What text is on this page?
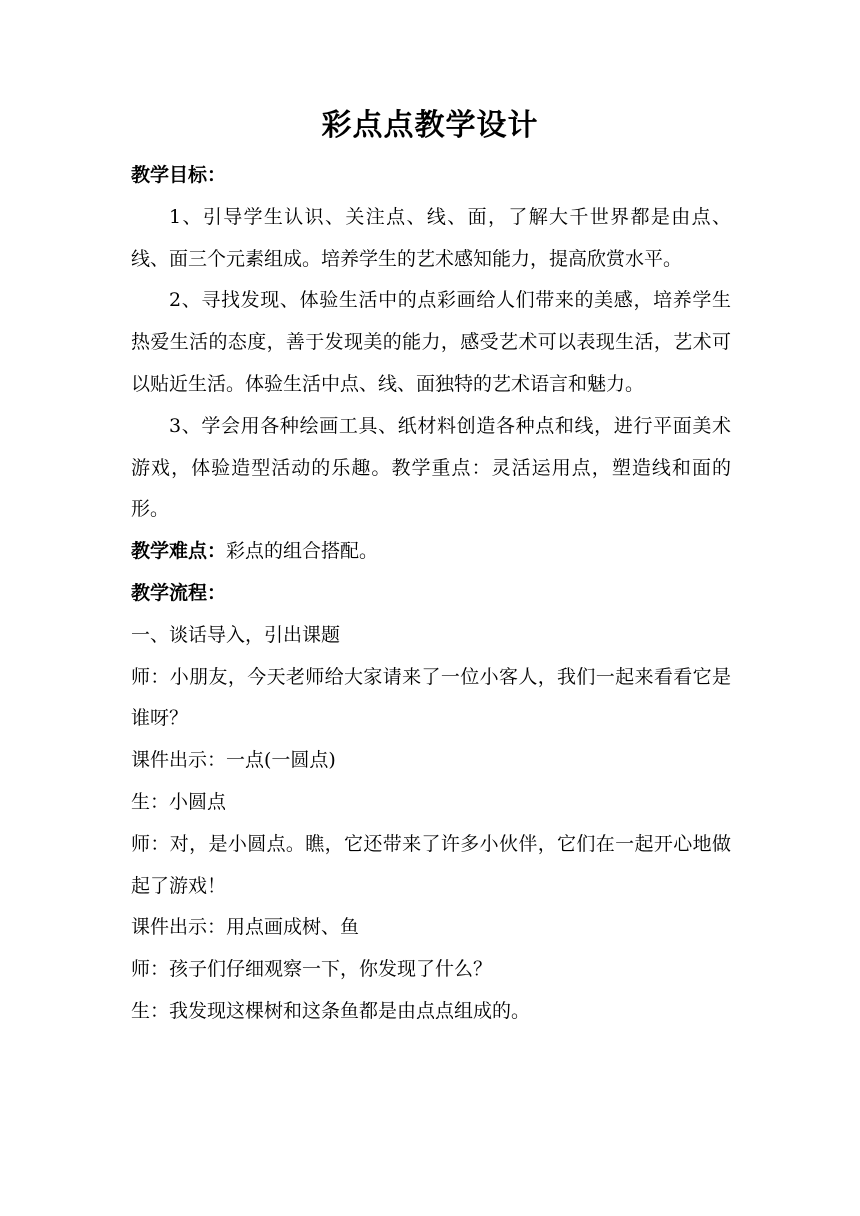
彩点点教学设计

教学目标：

1、引导学生认识、关注点、线、面，了解大千世界都是由点、线、面三个元素组成。培养学生的艺术感知能力，提高欣赏水平。

2、寻找发现、体验生活中的点彩画给人们带来的美感，培养学生热爱生活的态度，善于发现美的能力，感受艺术可以表现生活，艺术可以贴近生活。体验生活中点、线、面独特的艺术语言和魅力。

3、学会用各种绘画工具、纸材料创造各种点和线，进行平面美术游戏，体验造型活动的乐趣。教学重点：灵活运用点，塑造线和面的形。

教学难点：彩点的组合搭配。

教学流程：

一、谈话导入，引出课题

师：小朋友，今天老师给大家请来了一位小客人，我们一起来看看它是谁呀？

课件出示：一点(一圆点)

生：小圆点

师：对，是小圆点。瞧，它还带来了许多小伙伴，它们在一起开心地做起了游戏！

课件出示：用点画成树、鱼

师：孩子们仔细观察一下，你发现了什么？

生：我发现这棵树和这条鱼都是由点点组成的。
